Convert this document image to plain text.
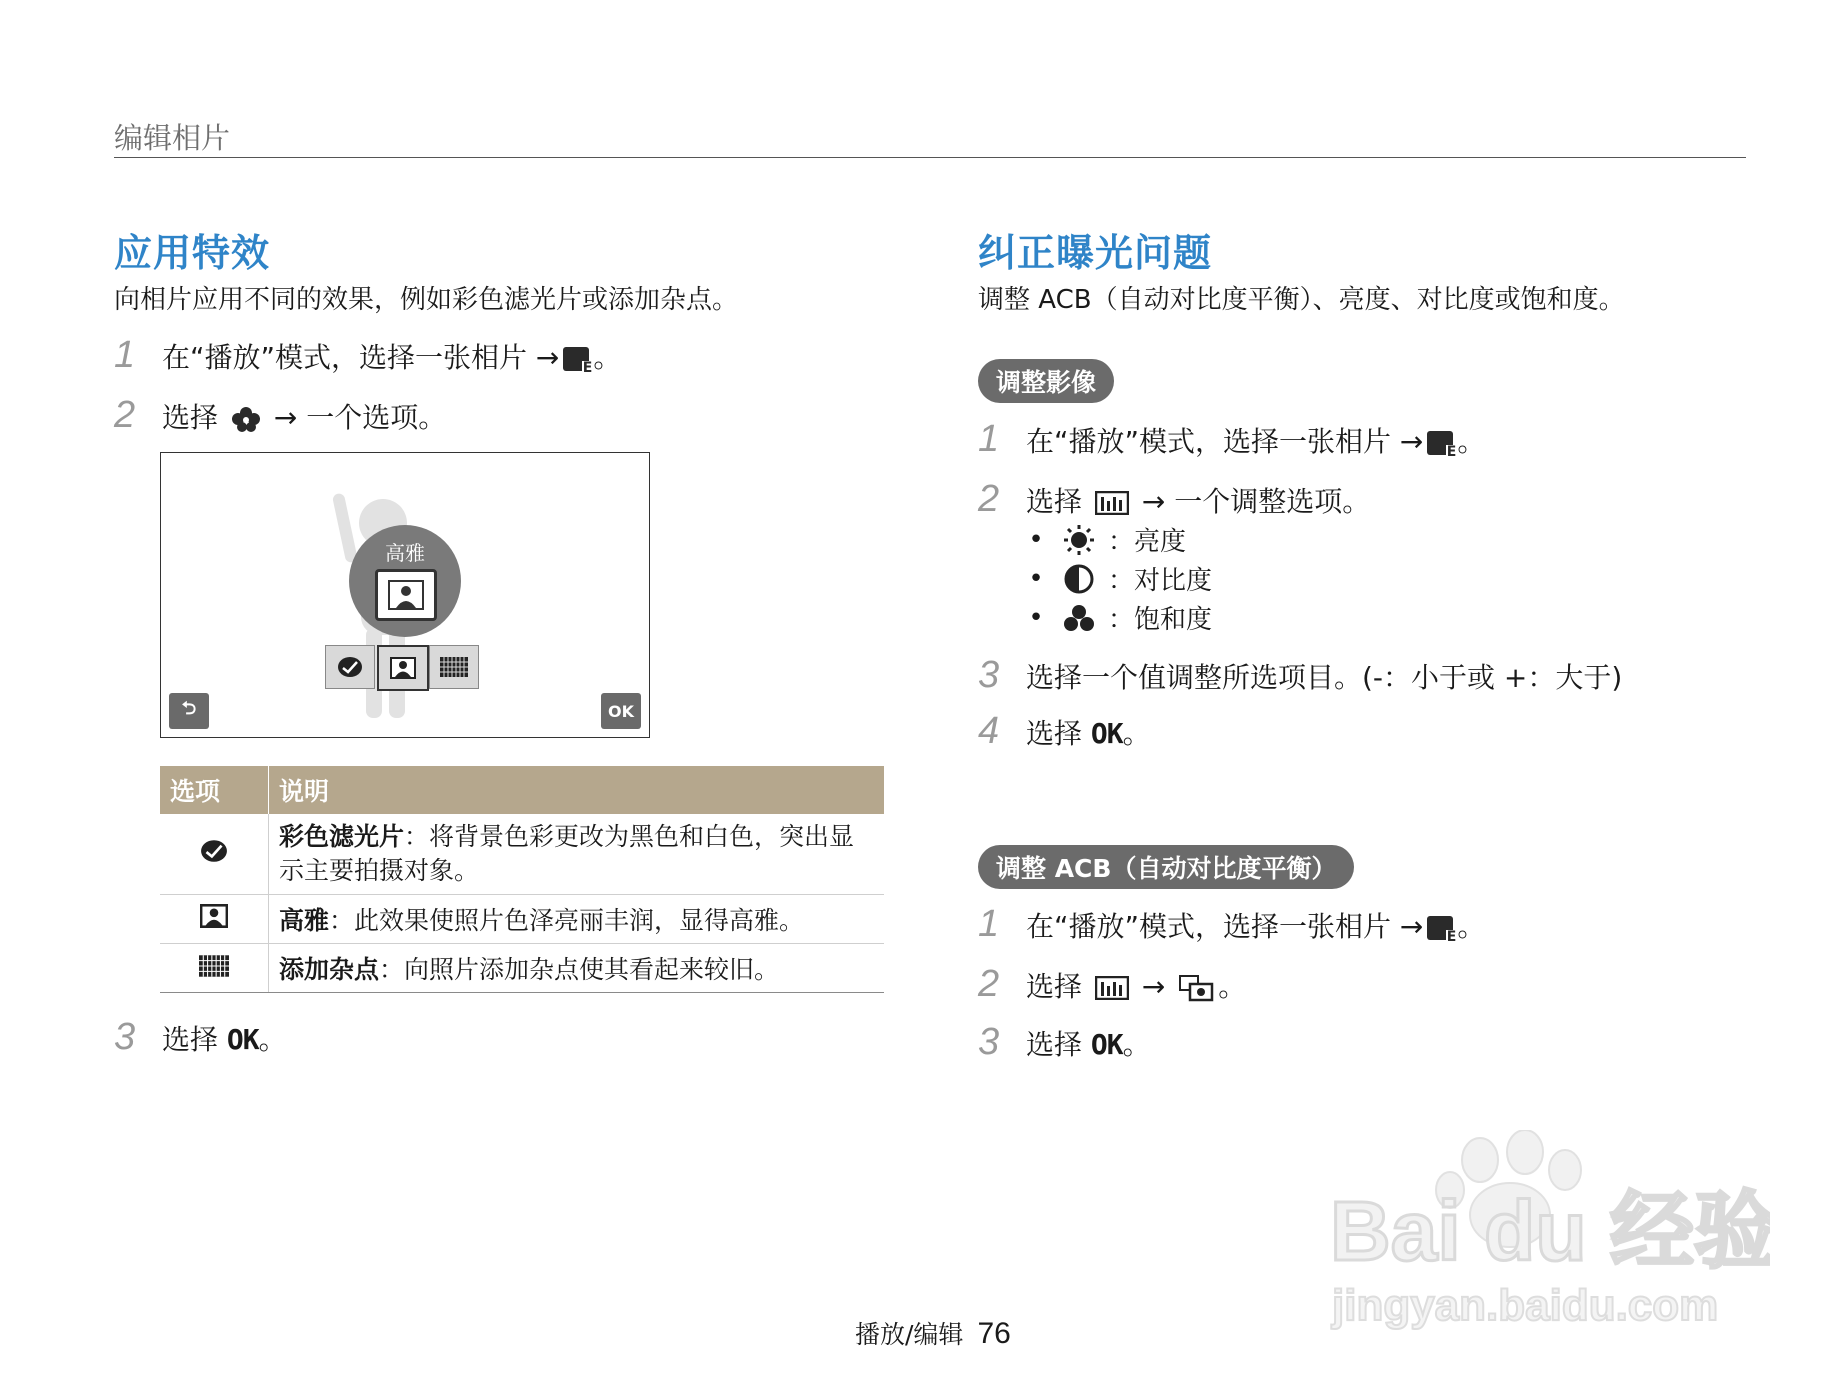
编辑相片
应用特效
向相片应用不同的效果，例如彩色滤光片或添加杂点。
1 在“播放”模式，选择一张相片 → E 。
2 选择 → 一个选项。
高雅
⮌	OK
选项	说明
	彩色滤光片：将背景色彩更改为黑色和白色，突出显示主要拍摄对象。
	高雅：此效果使照片色泽亮丽丰润，显得高雅。
	添加杂点：向照片添加杂点使其看起来较旧。
3 选择 OK。
纠正曝光问题
调整 ACB（自动对比度平衡）、亮度、对比度或饱和度。
调整影像
1 在“播放”模式，选择一张相片 → E 。
2 选择 → 一个调整选项。
• ：亮度
• ：对比度
• ：饱和度
3 选择一个值调整所选项目。(-：小于或 +：大于)
4 选择 OK。
调整 ACB（自动对比度平衡）
1 在“播放”模式，选择一张相片 → E 。
2 选择 → 。
3 选择 OK。
Bai du 经验
jingyan.baidu.com
播放/编辑 76
